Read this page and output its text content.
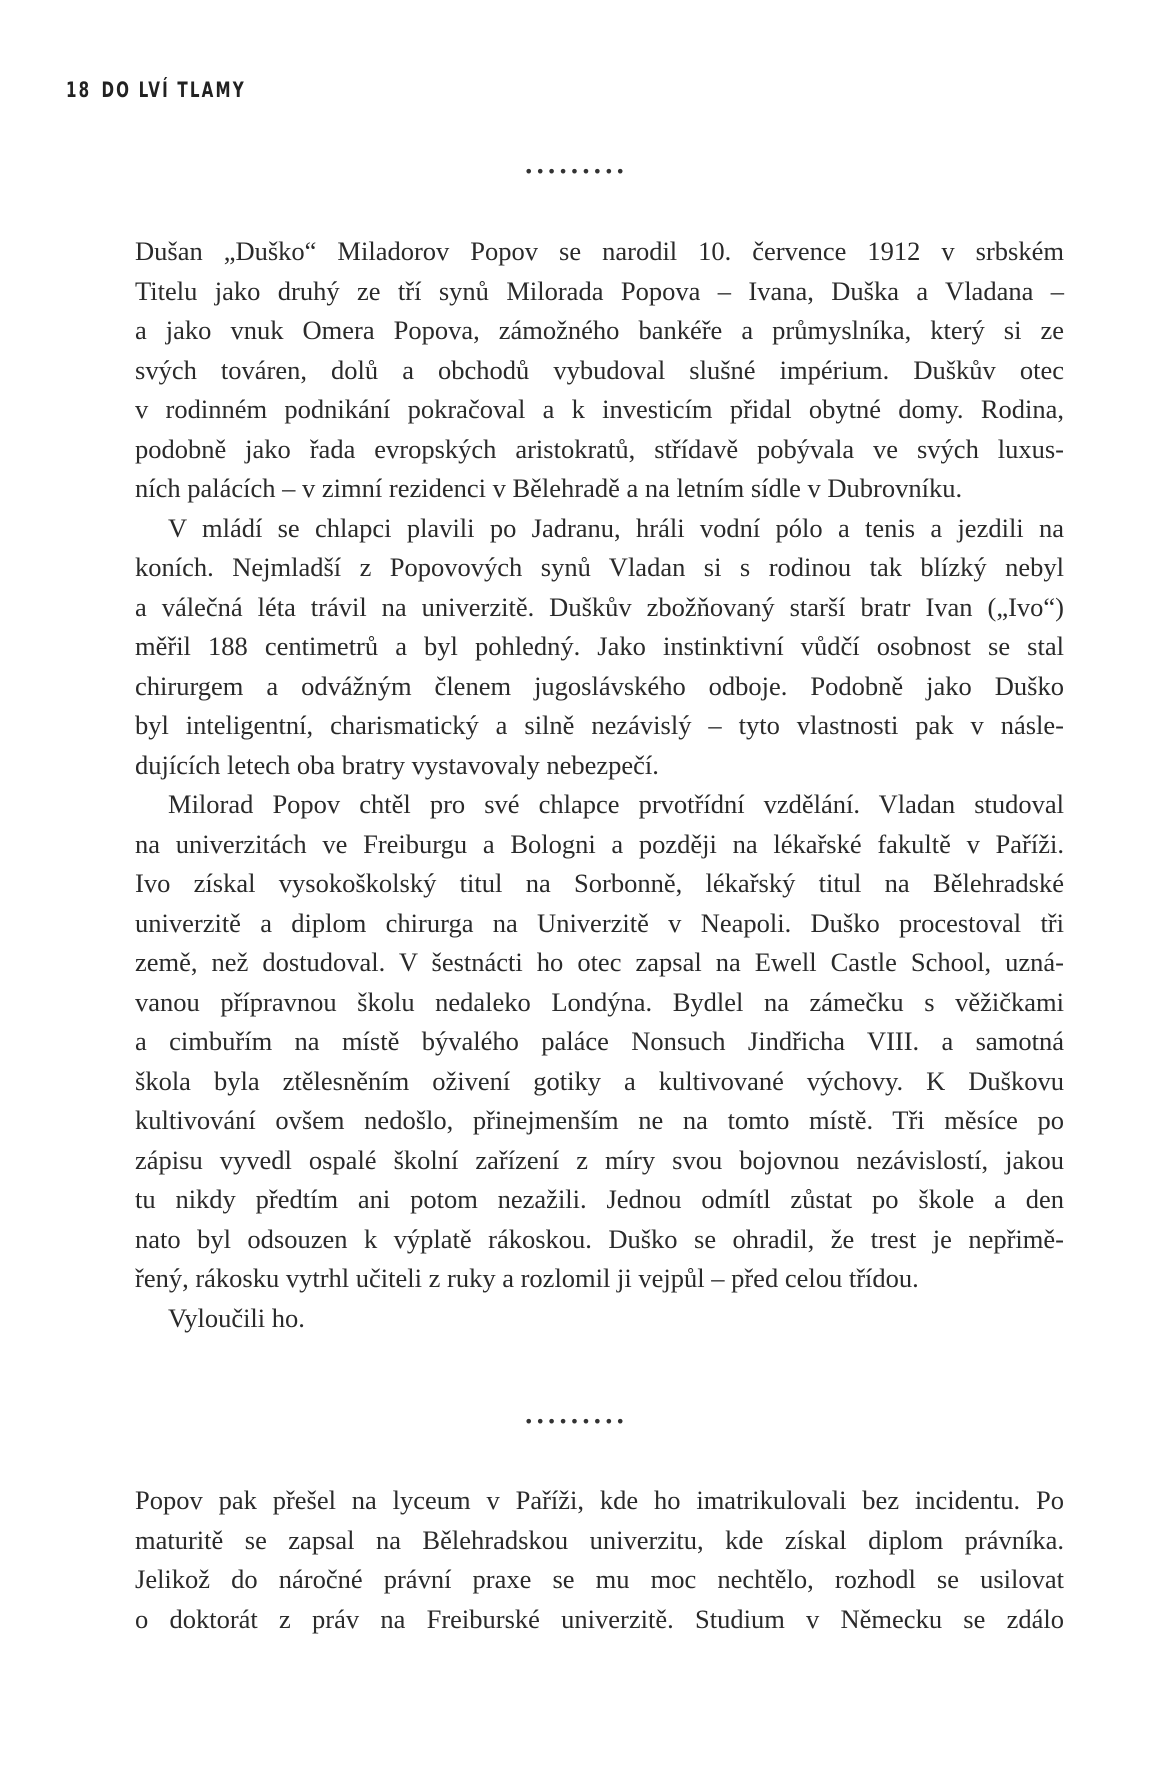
18 DO LVÍ TLAMY
•••••••••
Dušan „Duško“ Miladorov Popov se narodil 10. července 1912 v srbském
Titelu jako druhý ze tří synů Milorada Popova – Ivana, Duška a Vladana –
a jako vnuk Omera Popova, zámožného bankéře a průmyslníka, který si ze
svých továren, dolů a obchodů vybudoval slušné impérium. Duškův otec
v rodinném podnikání pokračoval a k investicím přidal obytné domy. Rodina,
podobně jako řada evropských aristokratů, střídavě pobývala ve svých luxus-
ních palácích – v zimní rezidenci v Bělehradě a na letním sídle v Dubrovníku.
V mládí se chlapci plavili po Jadranu, hráli vodní pólo a tenis a jezdili na
koních. Nejmladší z Popovových synů Vladan si s rodinou tak blízký nebyl
a válečná léta trávil na univerzitě. Duškův zbožňovaný starší bratr Ivan („Ivo“)
měřil 188 centimetrů a byl pohledný. Jako instinktivní vůdčí osobnost se stal
chirurgem a odvážným členem jugoslávského odboje. Podobně jako Duško
byl inteligentní, charismatický a silně nezávislý – tyto vlastnosti pak v násle-
dujících letech oba bratry vystavovaly nebezpečí.
Milorad Popov chtěl pro své chlapce prvotřídní vzdělání. Vladan studoval
na univerzitách ve Freiburgu a Bologni a později na lékařské fakultě v Paříži.
Ivo získal vysokoškolský titul na Sorbonně, lékařský titul na Bělehradské
univerzitě a diplom chirurga na Univerzitě v Neapoli. Duško procestoval tři
země, než dostudoval. V šestnácti ho otec zapsal na Ewell Castle School, uzná-
vanou přípravnou školu nedaleko Londýna. Bydlel na zámečku s věžičkami
a cimbuřím na místě bývalého paláce Nonsuch Jindřicha VIII. a samotná
škola byla ztělesněním oživení gotiky a kultivované výchovy. K Duškovu
kultivování ovšem nedošlo, přinejmenším ne na tomto místě. Tři měsíce po
zápisu vyvedl ospalé školní zařízení z míry svou bojovnou nezávislostí, jakou
tu nikdy předtím ani potom nezažili. Jednou odmítl zůstat po škole a den
nato byl odsouzen k výplatě rákoskou. Duško se ohradil, že trest je nepřimě-
řený, rákosku vytrhl učiteli z ruky a rozlomil ji vejpůl – před celou třídou.
Vyloučili ho.
•••••••••
Popov pak přešel na lyceum v Paříži, kde ho imatrikulovali bez incidentu. Po
maturitě se zapsal na Bělehradskou univerzitu, kde získal diplom právníka.
Jelikož do náročné právní praxe se mu moc nechtělo, rozhodl se usilovat
o doktorát z práv na Freiburské univerzitě. Studium v Německu se zdálo
